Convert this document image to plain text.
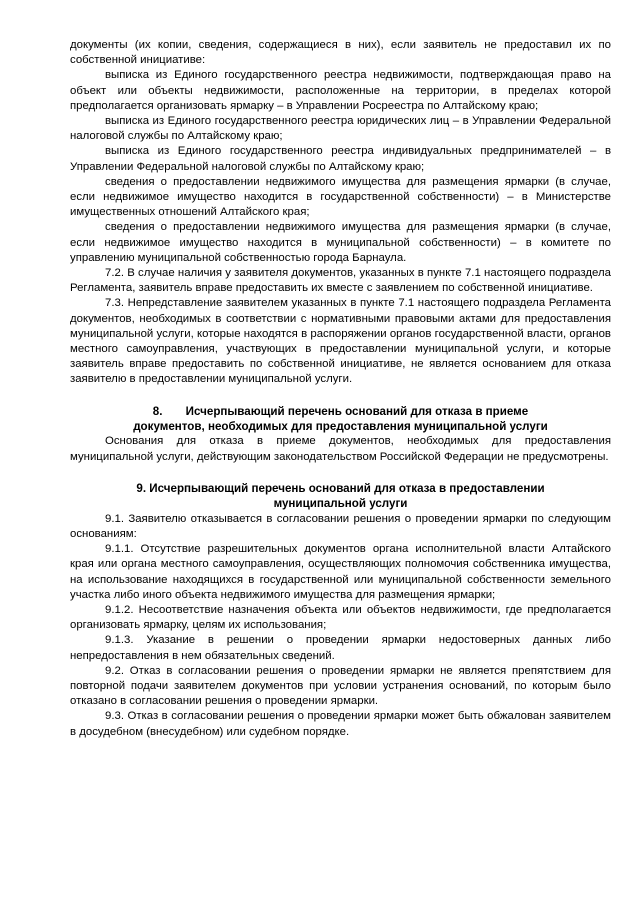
документы (их копии, сведения, содержащиеся в них), если заявитель не предоставил их по собственной инициативе:

выписка из Единого государственного реестра недвижимости, подтверждающая право на объект или объекты недвижимости, расположенные на территории, в пределах которой предполагается организовать ярмарку – в Управлении Росреестра по Алтайскому краю;

выписка из Единого государственного реестра юридических лиц – в Управлении Федеральной налоговой службы по Алтайскому краю;

выписка из Единого государственного реестра индивидуальных предпринимателей – в Управлении Федеральной налоговой службы по Алтайскому краю;

сведения о предоставлении недвижимого имущества для размещения ярмарки (в случае, если недвижимое имущество находится в государственной собственности) – в Министерстве имущественных отношений Алтайского края;

сведения о предоставлении недвижимого имущества для размещения ярмарки (в случае, если недвижимое имущество находится в муниципальной собственности) – в комитете по управлению муниципальной собственностью города Барнаула.

7.2. В случае наличия у заявителя документов, указанных в пункте 7.1 настоящего подраздела Регламента, заявитель вправе предоставить их вместе с заявлением по собственной инициативе.

7.3. Непредставление заявителем указанных в пункте 7.1 настоящего подраздела Регламента документов, необходимых в соответствии с нормативными правовыми актами для предоставления муниципальной услуги, которые находятся в распоряжении органов государственной власти, органов местного самоуправления, участвующих в предоставлении муниципальной услуги, и которые заявитель вправе предоставить по собственной инициативе, не является основанием для отказа заявителю в предоставлении муниципальной услуги.

8.  Исчерпывающий перечень оснований для отказа в приеме
документов, необходимых для предоставления муниципальной услуги

Основания для отказа в приеме документов, необходимых для предоставления муниципальной услуги, действующим законодательством Российской Федерации не предусмотрены.

9. Исчерпывающий перечень оснований для отказа в предоставлении
муниципальной услуги

9.1. Заявителю отказывается в согласовании решения о проведении ярмарки по следующим основаниям:

9.1.1. Отсутствие разрешительных документов органа исполнительной власти Алтайского края или органа местного самоуправления, осуществляющих полномочия собственника имущества, на использование находящихся в государственной или муниципальной собственности земельного участка либо иного объекта недвижимого имущества для размещения ярмарки;

9.1.2. Несоответствие назначения объекта или объектов недвижимости, где предполагается организовать ярмарку, целям их использования;

9.1.3. Указание в решении о проведении ярмарки недостоверных данных либо непредоставления в нем обязательных сведений.

9.2. Отказ в согласовании решения о проведении ярмарки не является препятствием для повторной подачи заявителем документов при условии устранения оснований, по которым было отказано в согласовании решения о проведении ярмарки.

9.3. Отказ в согласовании решения о проведении ярмарки может быть обжалован заявителем в досудебном (внесудебном) или судебном порядке.
